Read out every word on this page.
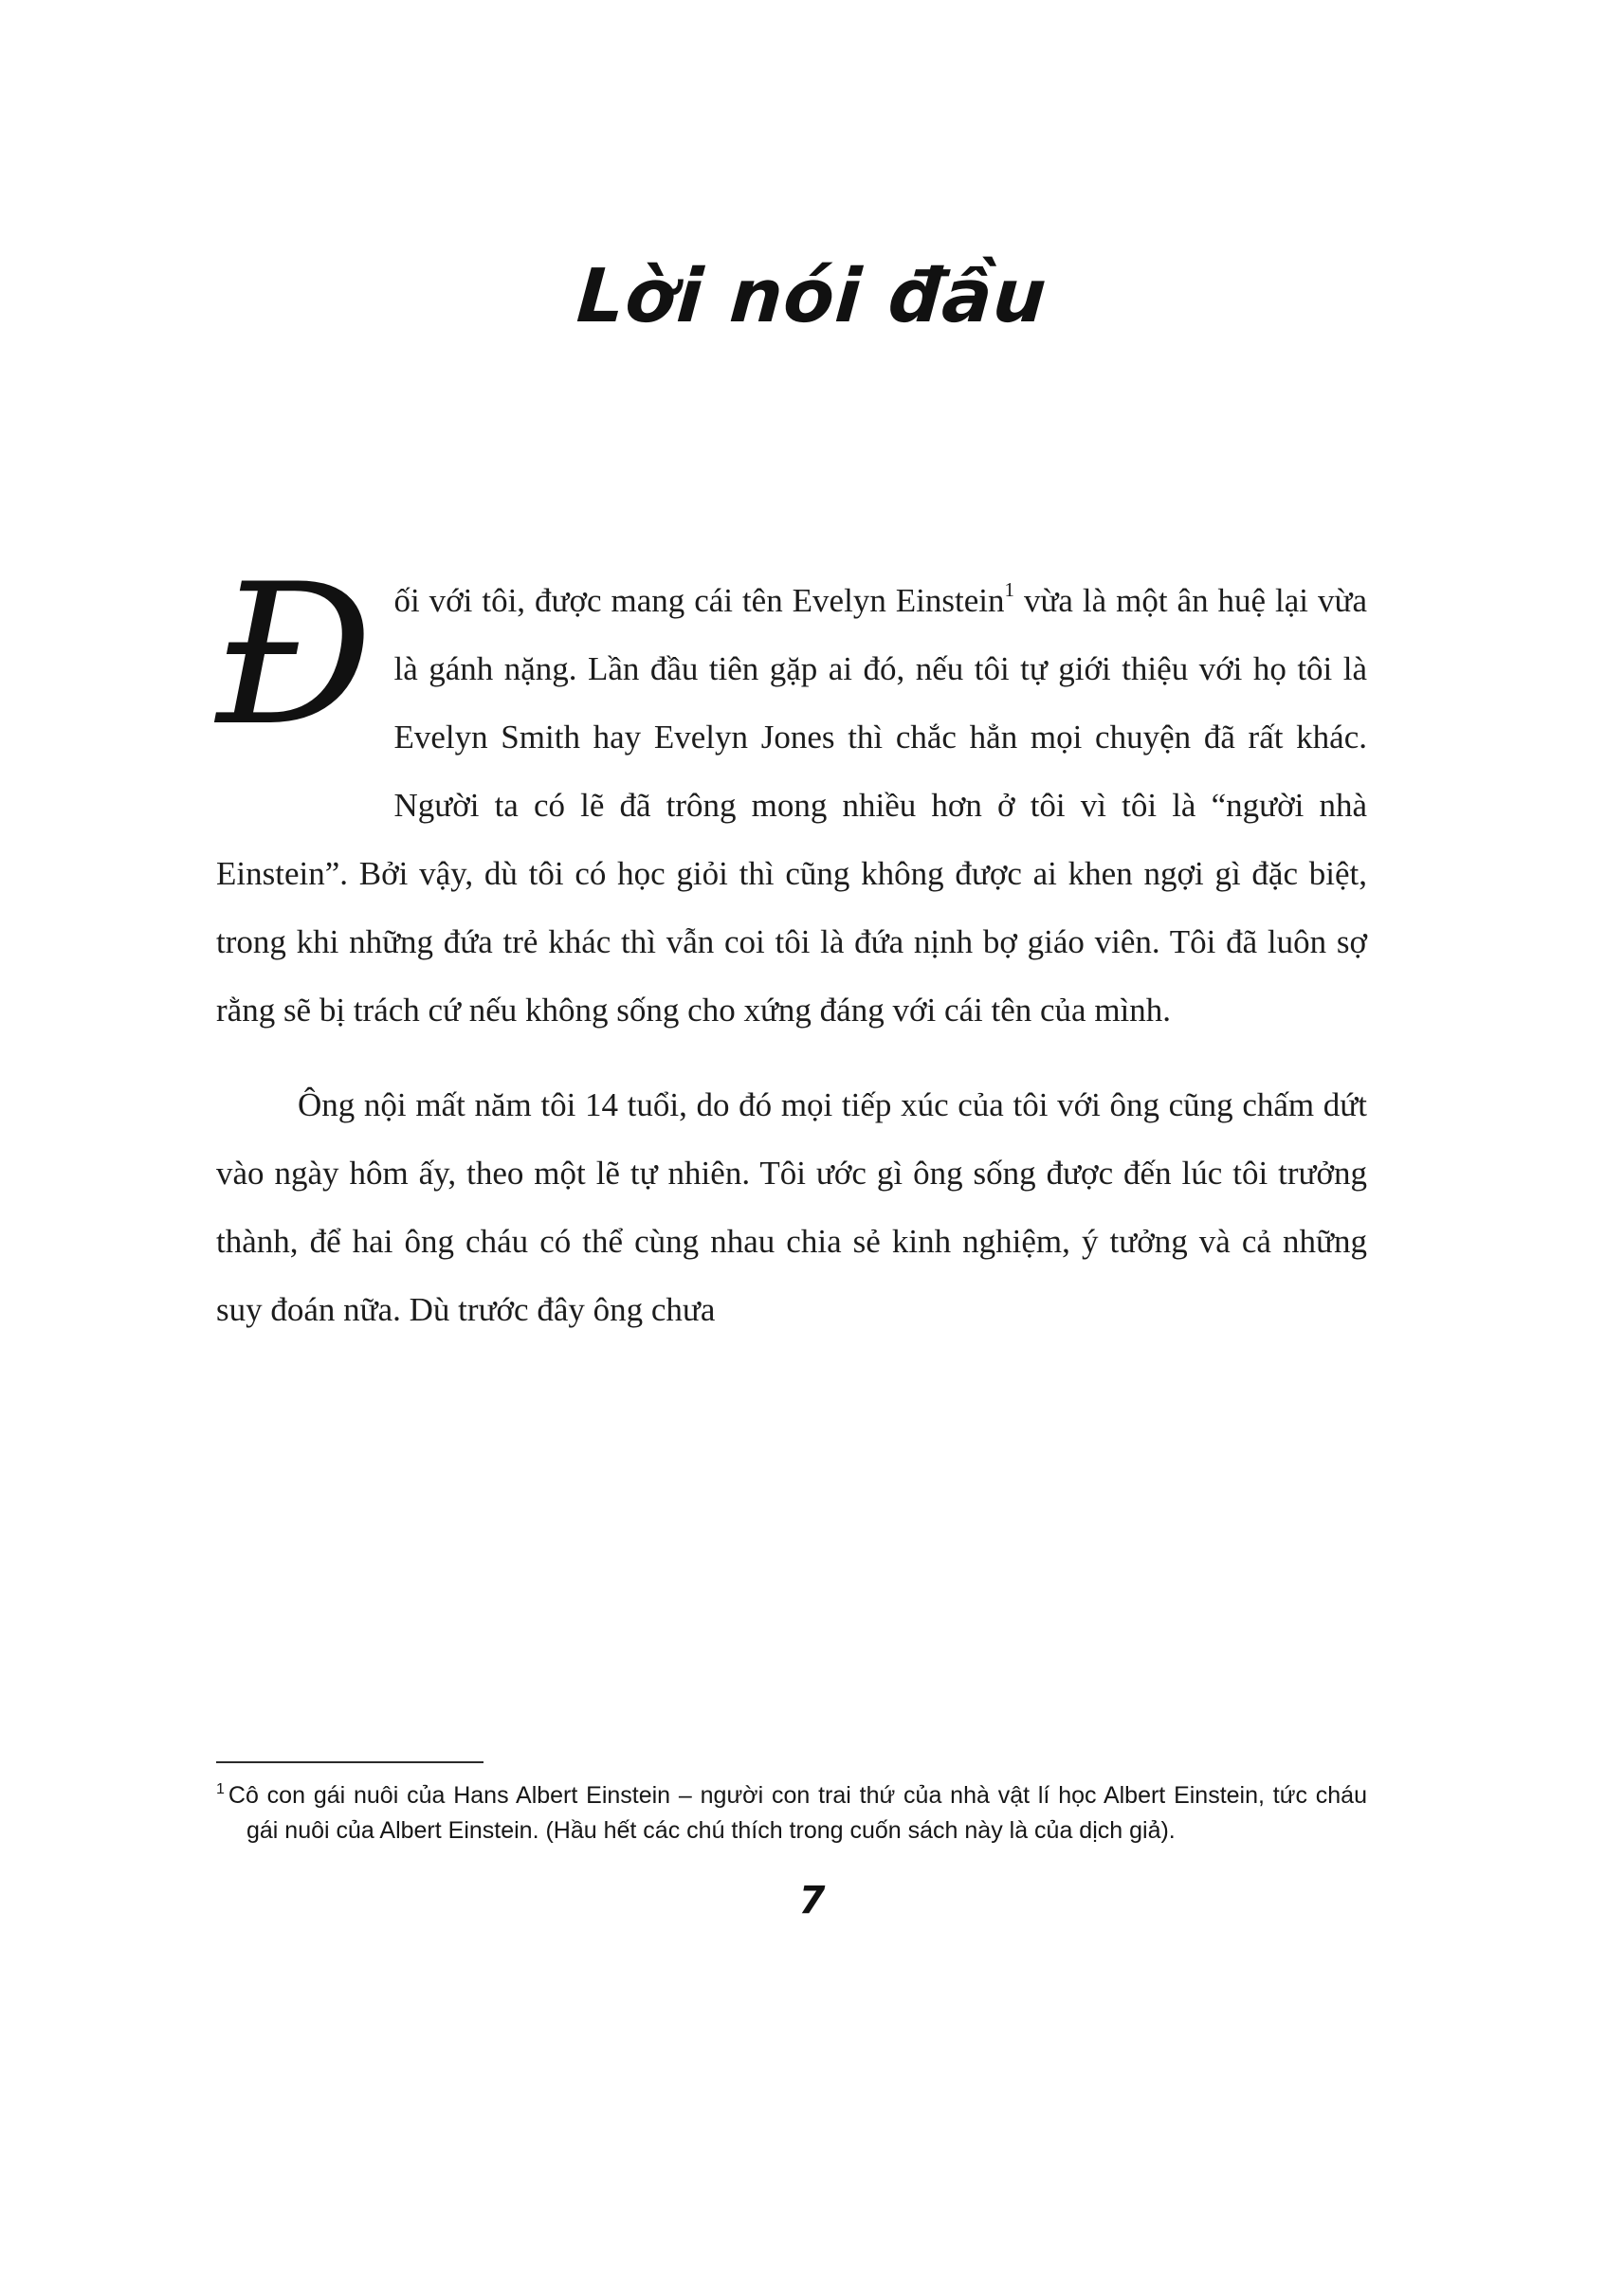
Lời nói đầu

Đối với tôi, được mang cái tên Evelyn Einstein$^1$ vừa là một ân huệ lại vừa là gánh nặng. Lần đầu tiên gặp ai đó, nếu tôi tự giới thiệu với họ tôi là Evelyn Smith hay Evelyn Jones thì chắc hẳn mọi chuyện đã rất khác. Người ta có lẽ đã trông mong nhiều hơn ở tôi vì tôi là “người nhà Einstein”. Bởi vậy, dù tôi có học giỏi thì cũng không được ai khen ngợi gì đặc biệt, trong khi những đứa trẻ khác thì vẫn coi tôi là đứa nịnh bợ giáo viên. Tôi đã luôn sợ rằng sẽ bị trách cứ nếu không sống cho xứng đáng với cái tên của mình.

Ông nội mất năm tôi 14 tuổi, do đó mọi tiếp xúc của tôi với ông cũng chấm dứt vào ngày hôm ấy, theo một lẽ tự nhiên. Tôi ước gì ông sống được đến lúc tôi trưởng thành, để hai ông cháu có thể cùng nhau chia sẻ kinh nghiệm, ý tưởng và cả những suy đoán nữa. Dù trước đây ông chưa

$^1$ Cô con gái nuôi của Hans Albert Einstein – người con trai thứ của nhà vật lí học Albert Einstein, tức cháu gái nuôi của Albert Einstein. (Hầu hết các chú thích trong cuốn sách này là của dịch giả).

7
